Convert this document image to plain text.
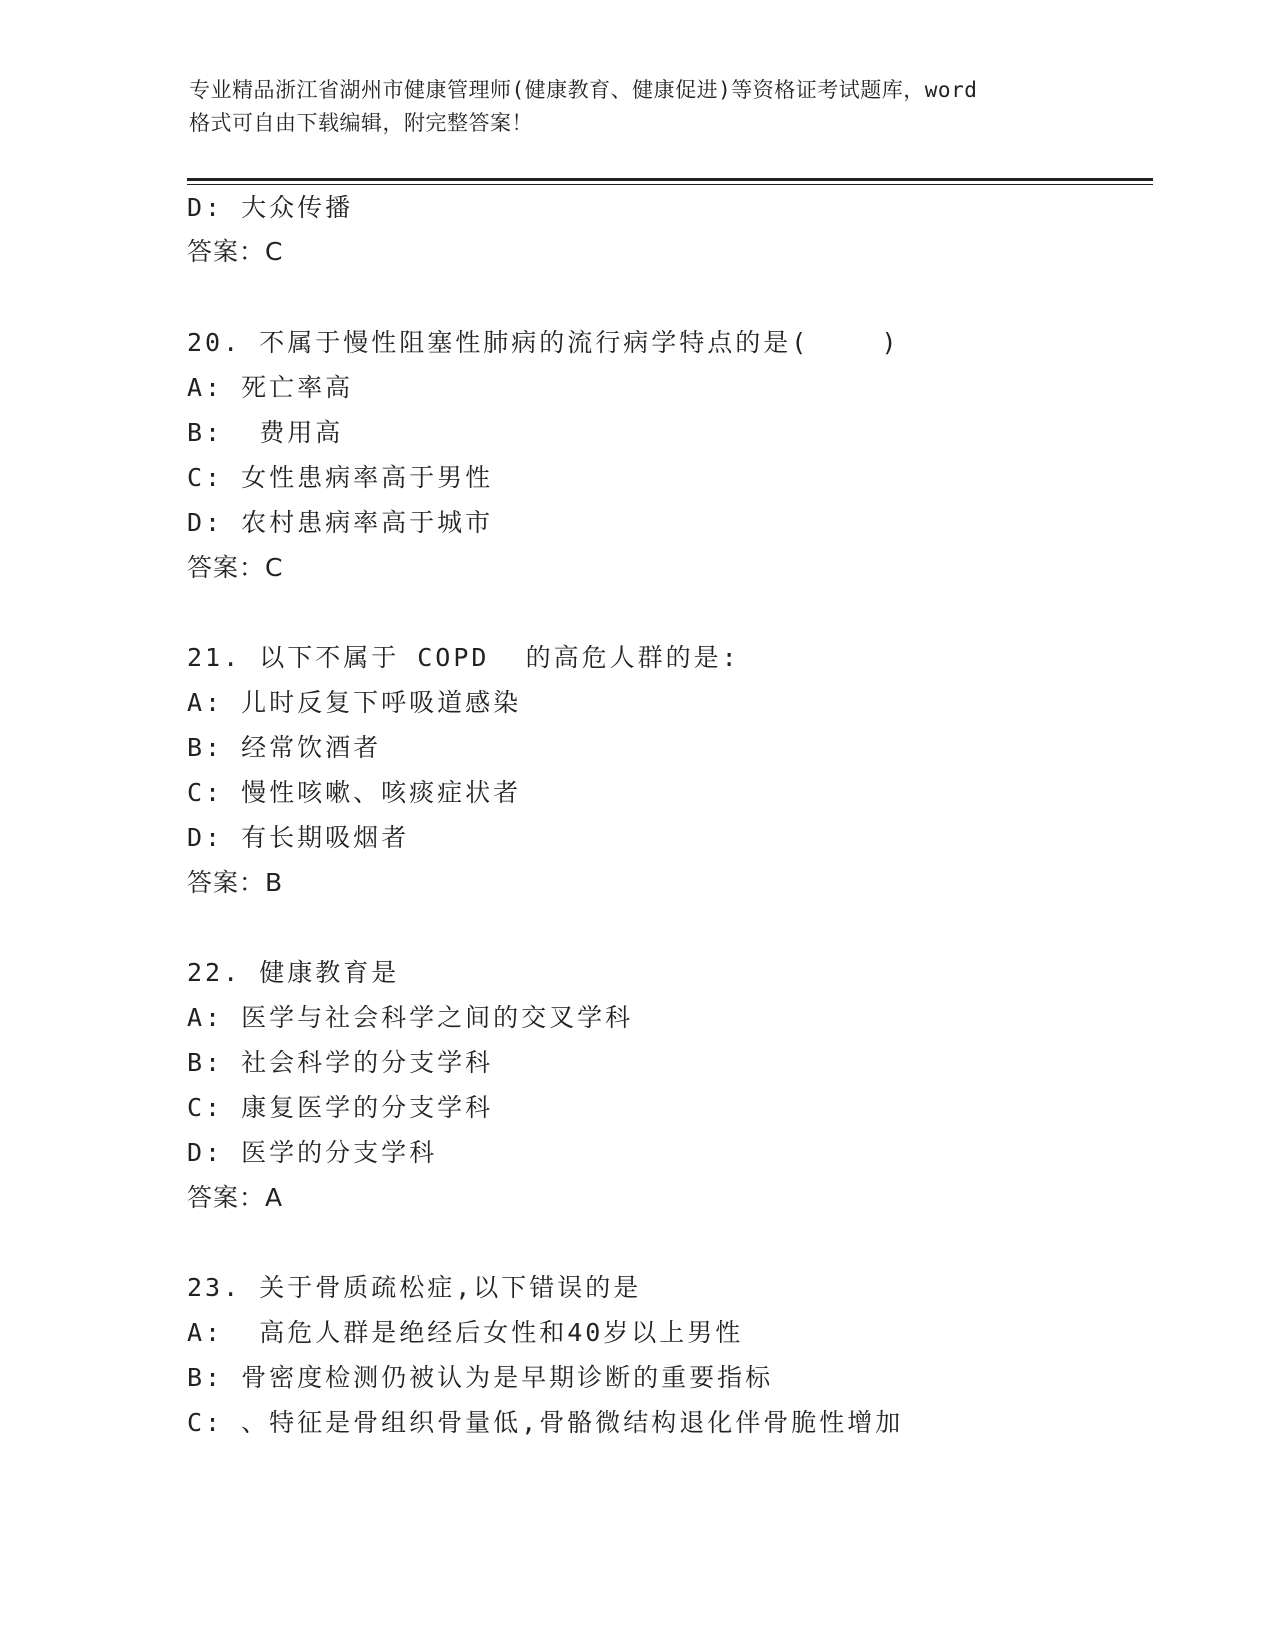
专业精品浙江省湖州市健康管理师(健康教育、健康促进)等资格证考试题库，word
格式可自由下载编辑，附完整答案！
D: 大众传播
答案：C
20. 不属于慢性阻塞性肺病的流行病学特点的是(    )
A: 死亡率高
B:  费用高
C: 女性患病率高于男性
D: 农村患病率高于城市
答案：C
21. 以下不属于 COPD  的高危人群的是:
A: 儿时反复下呼吸道感染
B: 经常饮酒者
C: 慢性咳嗽、咳痰症状者
D: 有长期吸烟者
答案：B
22. 健康教育是
A: 医学与社会科学之间的交叉学科
B: 社会科学的分支学科
C: 康复医学的分支学科
D: 医学的分支学科
答案：A
23. 关于骨质疏松症,以下错误的是
A:  高危人群是绝经后女性和40岁以上男性
B: 骨密度检测仍被认为是早期诊断的重要指标
C: 、特征是骨组织骨量低,骨骼微结构退化伴骨脆性增加
